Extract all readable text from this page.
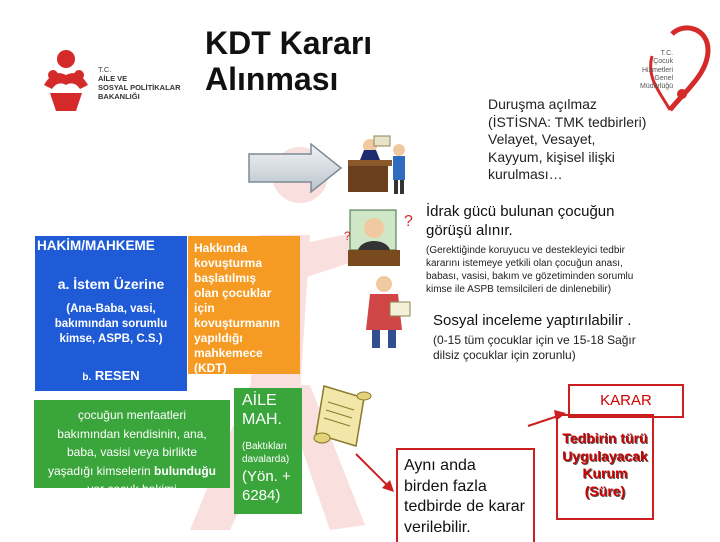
T.C.
AİLE VE
SOSYAL POLİTİKALAR
BAKANLIĞI
T.C.
Çocuk
Hizmetleri
Genel
Müdürlüğü
KDT Kararı
Alınması
Duruşma açılmaz
(İSTİSNA: TMK tedbirleri)
Velayet, Vesayet,
Kayyum, kişisel ilişki
kurulması…
?
?
HAKİM/MAHKEME
a. İstem Üzerine
(Ana-Baba, vasi,
bakımından sorumlu
kimse, ASPB, C.S.)
b. RESEN
Hakkında
kovuşturma
başlatılmış
olan çocuklar
için
kovuşturmanın
yapıldığı
mahkemece
(KDT)
çocuğun menfaatleri
bakımından kendisinin, ana,
baba, vasisi veya birlikte
yaşadığı kimselerin bulunduğu
yer çocuk hakimi
AİLE
MAH.
(Baktıkları
davalarda)
(Yön. +
6284)
İdrak gücü bulunan çocuğun
görüşü alınır.
(Gerektiğinde koruyucu ve destekleyici tedbir
kararını istemeye yetkili olan çocuğun anası,
babası, vasisi, bakım ve gözetiminden sorumlu
kimse ile ASPB temsilcileri de dinlenebilir)
Sosyal inceleme yaptırılabilir .
(0-15 tüm çocuklar için ve 15-18 Sağır
dilsiz çocuklar için zorunlu)
KARAR
Aynı anda
birden fazla
tedbirde de karar
verilebilir.
Tedbirin türü
Uygulayacak
Kurum
(Süre)
